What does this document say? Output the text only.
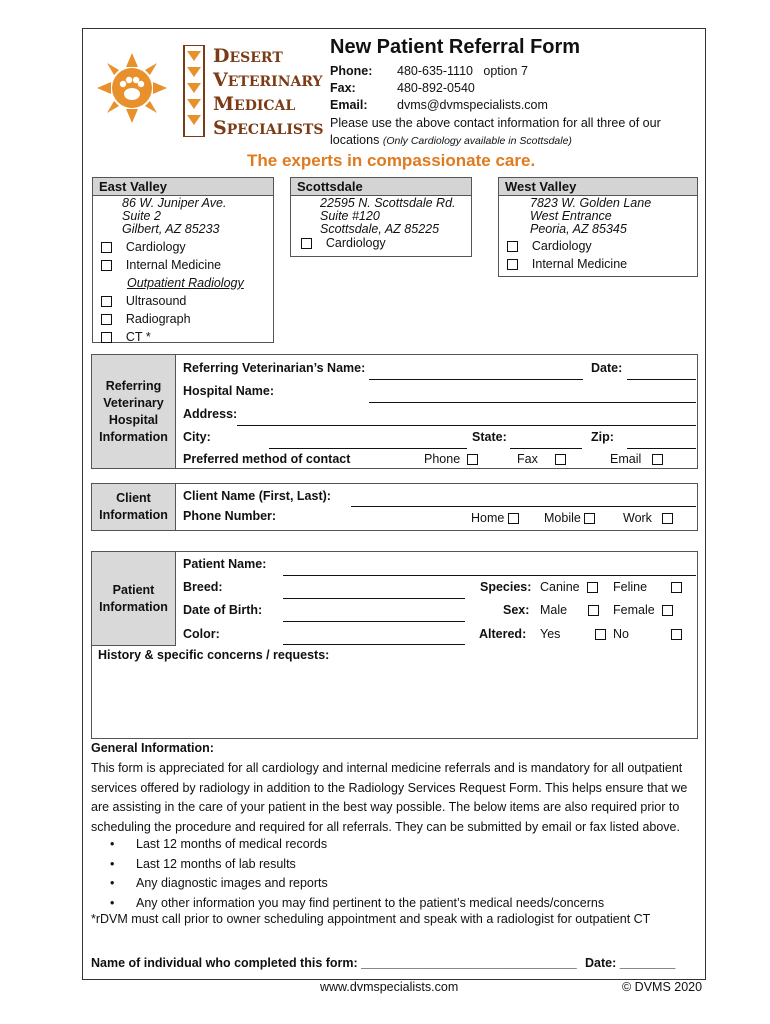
DESERT
VETERINARY
MEDICAL
SPECIALISTS
New Patient Referral Form
Phone: 480-635-1110   option 7
Fax:	480-892-0540
Email: dvms@dvmspecialists.com
Please use the above contact information for all three of our
locations (Only Cardiology available in Scottsdale)
The experts in compassionate care.
East Valley
86 W. Juniper Ave.
Suite 2
Gilbert, AZ 85233
Cardiology
Internal Medicine
Outpatient Radiology
Ultrasound
Radiograph
CT *
Scottsdale
22595 N. Scottsdale Rd.
Suite #120
Scottsdale, AZ 85225
Cardiology
West Valley
7823 W. Golden Lane
West Entrance
Peoria, AZ 85345
Cardiology
Internal Medicine
Referring Veterinary Hospital Information
Referring Veterinarian’s Name:	Date:
Hospital Name:
Address:
City:	State:	Zip:
Preferred method of contact	Phone	Fax	Email
Client Information
Client Name (First, Last):
Phone Number:	Home	Mobile	Work
Patient Information
Patient Name:
Breed:
Date of Birth:
Color:
Species: Canine	Feline
Sex: Male	Female
Altered: Yes	No
History & specific concerns / requests:
General Information:
This form is appreciated for all cardiology and internal medicine referrals and is mandatory for all outpatient
services offered by radiology in addition to the Radiology Services Request Form. This helps ensure that we
are assisting in the care of your patient in the best way possible. The below items are also required prior to
scheduling the procedure and required for all referrals. They can be submitted by email or fax listed above.
• Last 12 months of medical records
• Last 12 months of lab results
• Any diagnostic images and reports
• Any other information you may find pertinent to the patient’s medical needs/concerns
*rDVM must call prior to owner scheduling appointment and speak with a radiologist for outpatient CT
Name of individual who completed this form: _______________________________ Date: ________
www.dvmspecialists.com	© DVMS 2020
